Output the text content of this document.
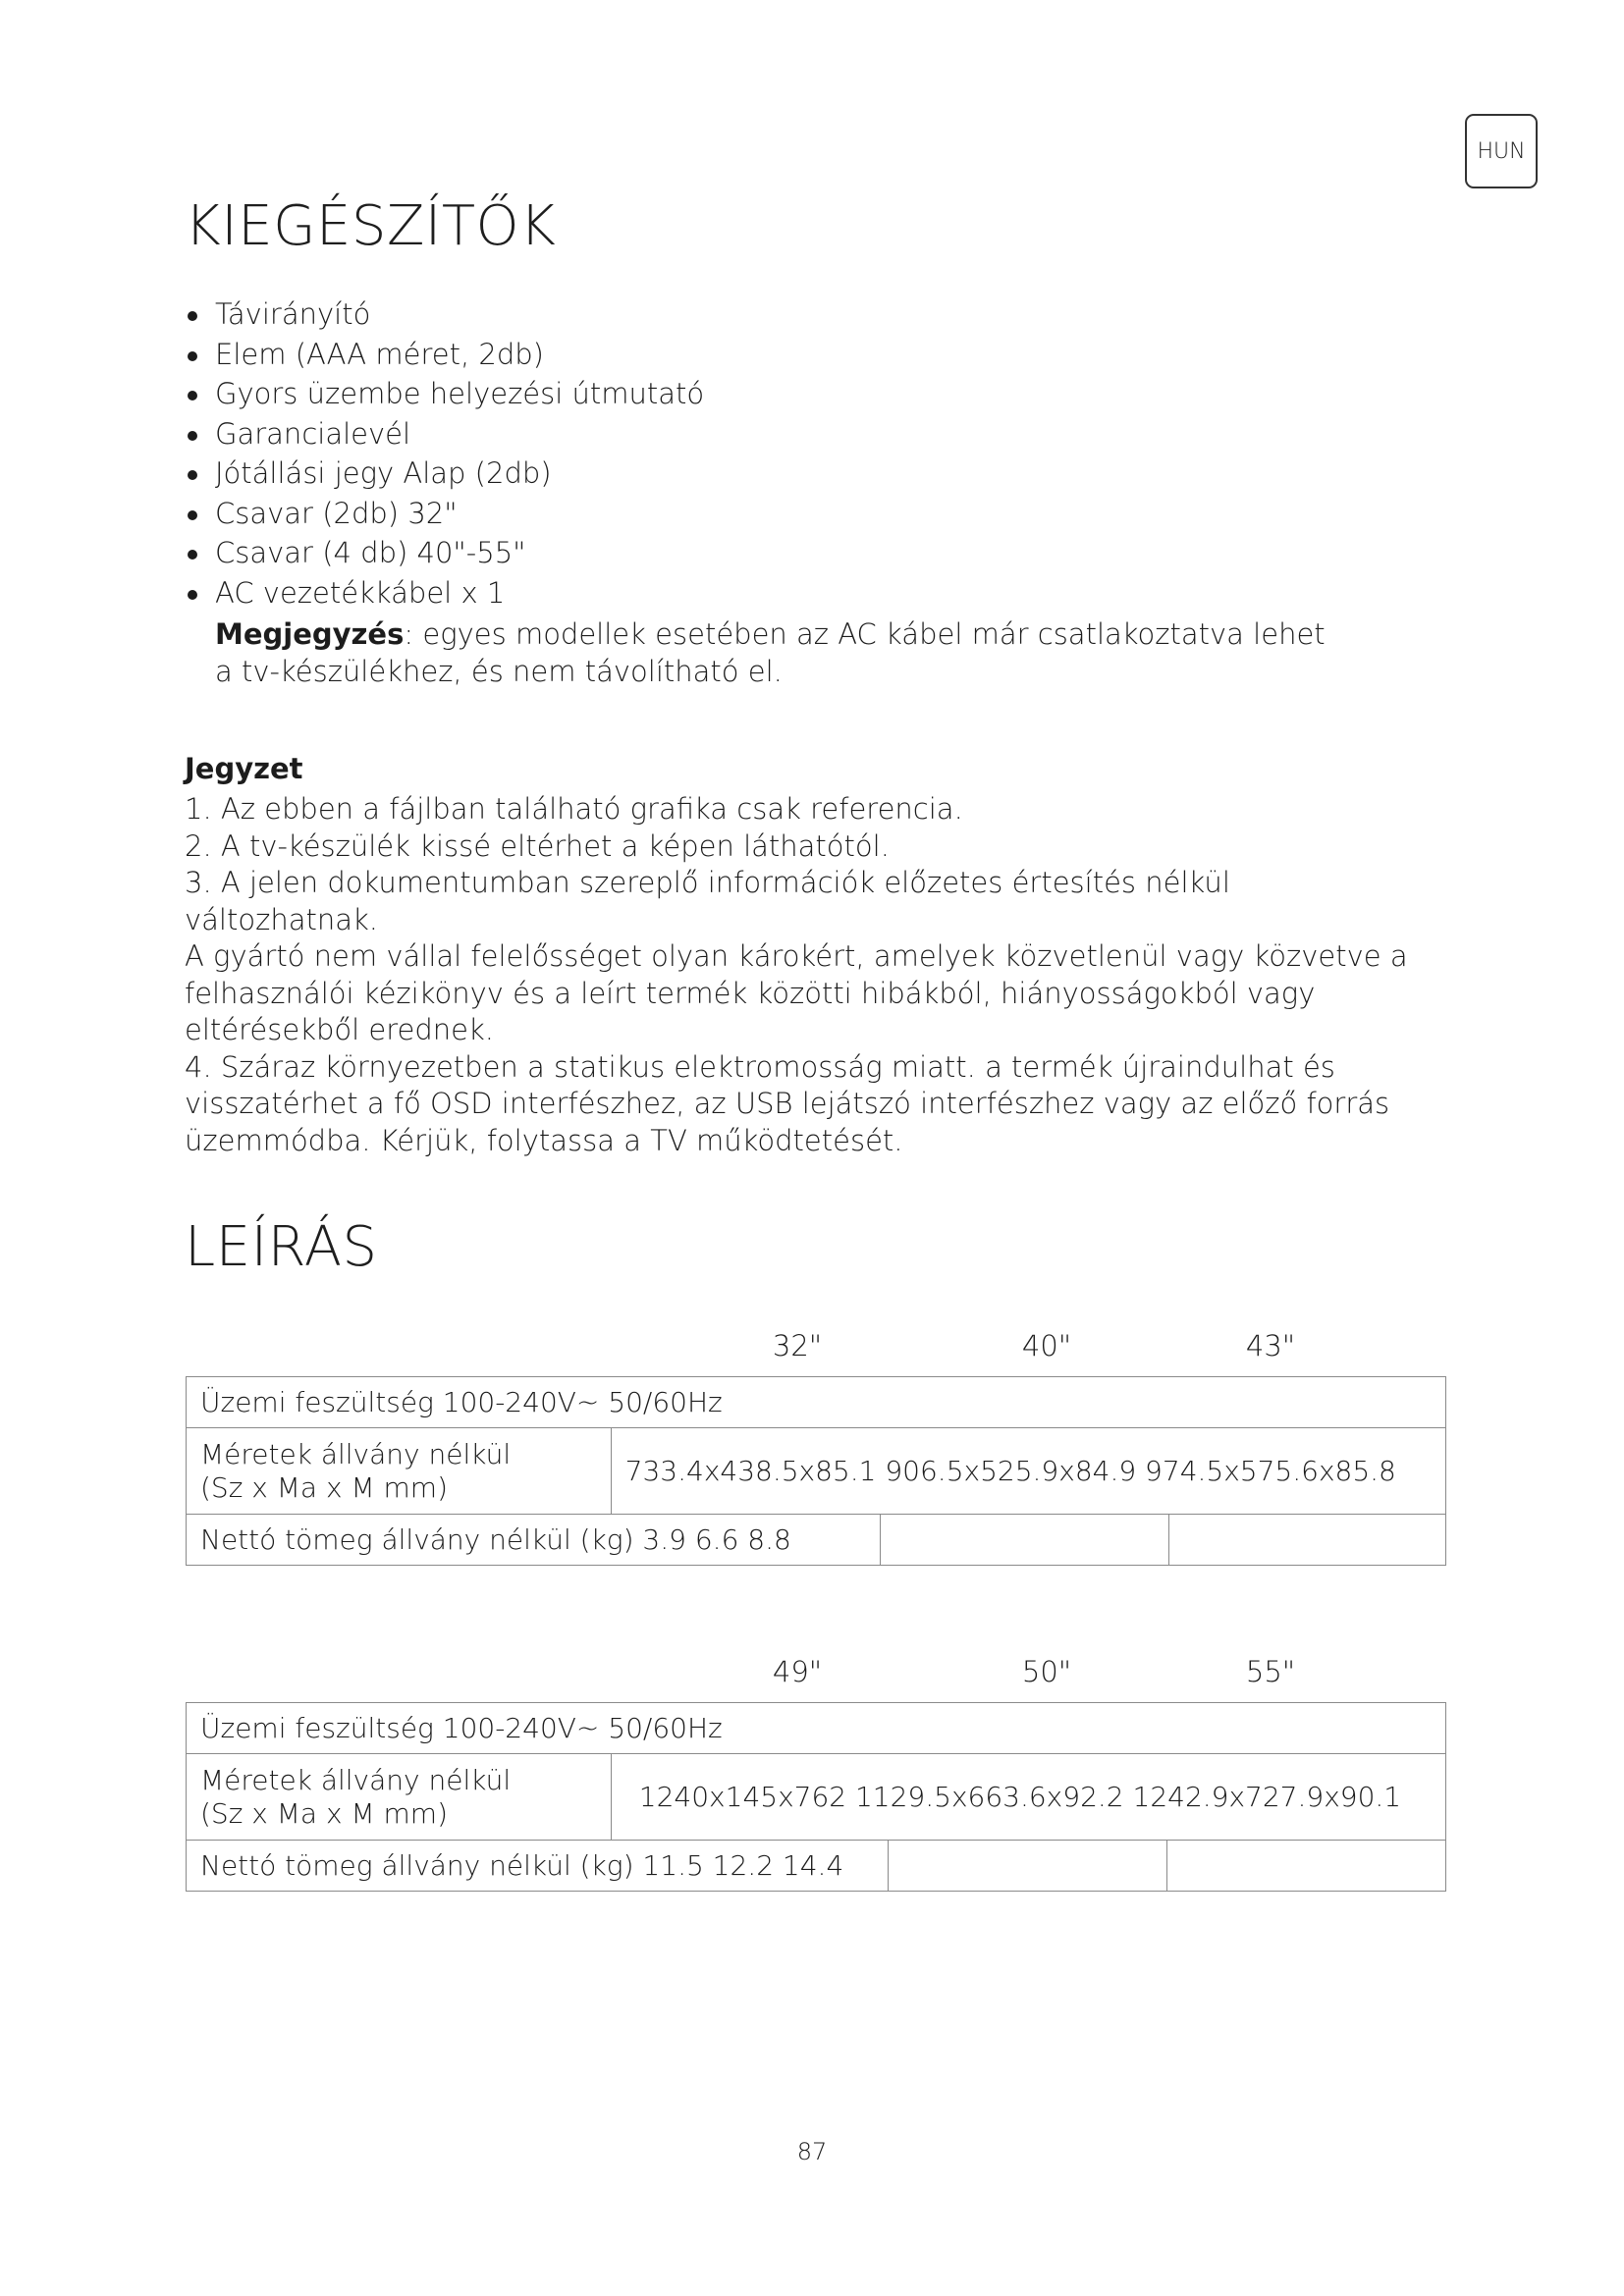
HUN
KIEGÉSZÍTŐK
Távirányító
Elem (AAA méret, 2db)
Gyors üzembe helyezési útmutató
Garancialevél
Jótállási jegy Alap (2db)
Csavar (2db) 32"
Csavar (4 db) 40"-55"
AC vezetékkábel x 1

Megjegyzés: egyes modellek esetében az AC kábel már csatlakoztatva lehet a tv-készülékhez, és nem távolítható el.

Jegyzet

1. Az ebben a fájlban található grafika csak referencia.

2. A tv-készülék kissé eltérhet a képen láthatótól.

3. A jelen dokumentumban szereplő információk előzetes értesítés nélkül változhatnak.

A gyártó nem vállal felelősséget olyan károkért, amelyek közvetlenül vagy közvetve a felhasználói kézikönyv és a leírt termék közötti hibákból, hiányosságokból vagy eltérésekből erednek.

4. Száraz környezetben a statikus elektromosság miatt. a termék újraindulhat és visszatérhet a fő OSD interfészhez, az USB lejátszó interfészhez vagy az előző forrás üzemmódba. Kérjük, folytassa a TV működtetését.

LEÍRÁS
32"	40"	43"
Üzemi feszültség 100-240V~ 50/60Hz			

Méretek állvány nélkül
(Sz x Ma x M mm)	733.4x438.5x85.1 906.5x525.9x84.9 974.5x575.6x85.8		
Nettó tömeg állvány nélkül (kg) 3.9 6.6 8.8			
49"	50"	55"
Üzemi feszültség 100-240V~ 50/60Hz			

Méretek állvány nélkül
(Sz x Ma x M mm)	1240x145x762 1129.5x663.6x92.2 1242.9x727.9x90.1		
Nettó tömeg állvány nélkül (kg) 11.5 12.2 14.4			
87
